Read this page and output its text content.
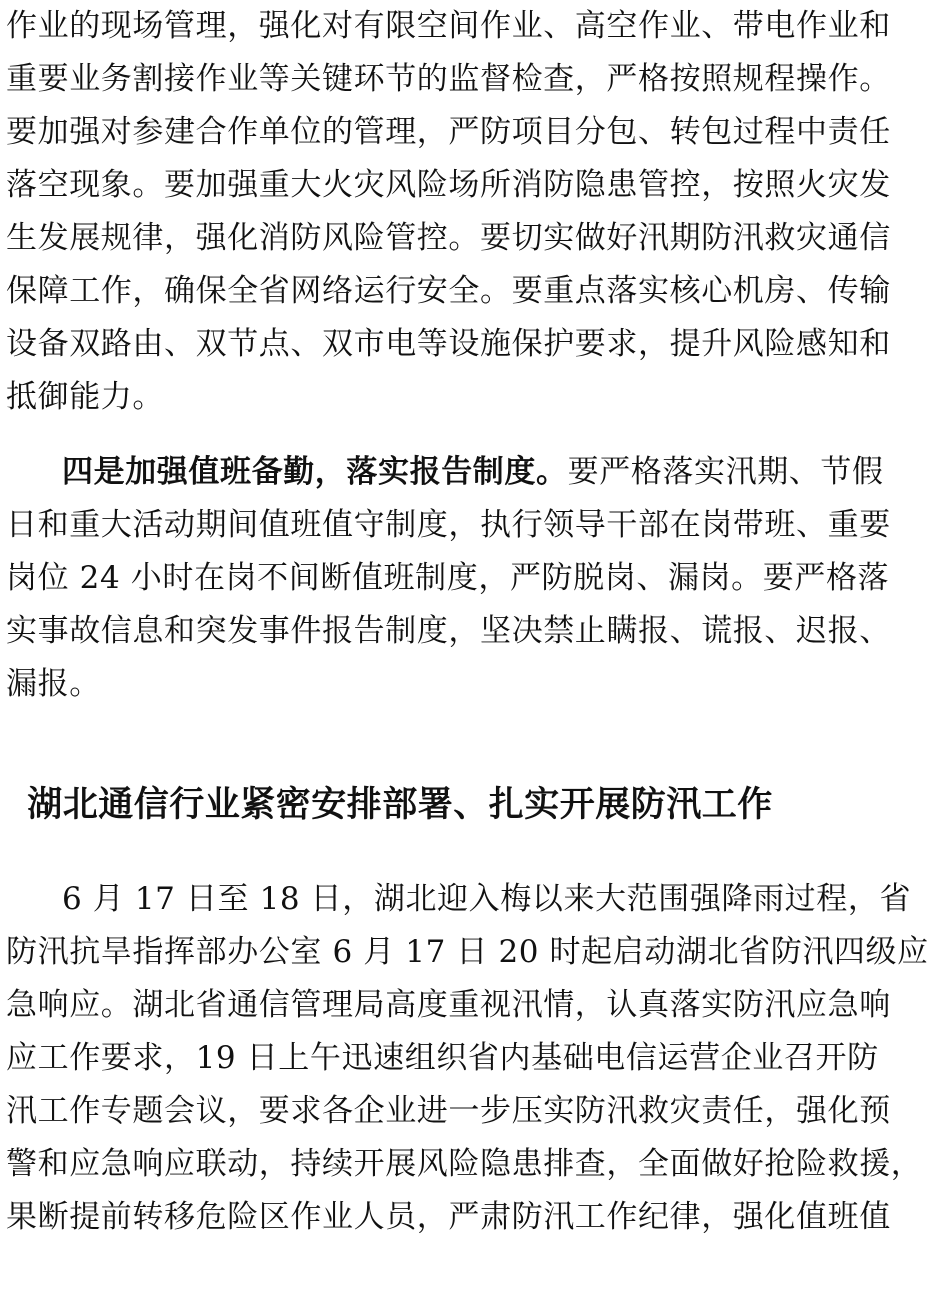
作业的现场管理，强化对有限空间作业、高空作业、带电作业和
重要业务割接作业等关键环节的监督检查，严格按照规程操作。
要加强对参建合作单位的管理，严防项目分包、转包过程中责任
落空现象。要加强重大火灾风险场所消防隐患管控，按照火灾发
生发展规律，强化消防风险管控。要切实做好汛期防汛救灾通信
保障工作，确保全省网络运行安全。要重点落实核心机房、传输
设备双路由、双节点、双市电等设施保护要求，提升风险感知和
抵御能力。
四是加强值班备勤，落实报告制度。要严格落实汛期、节假
日和重大活动期间值班值守制度，执行领导干部在岗带班、重要
岗位 24 小时在岗不间断值班制度，严防脱岗、漏岗。要严格落
实事故信息和突发事件报告制度，坚决禁止瞒报、谎报、迟报、
漏报。
湖北通信行业紧密安排部署、扎实开展防汛工作
6 月 17 日至 18 日，湖北迎入梅以来大范围强降雨过程，省
防汛抗旱指挥部办公室 6 月 17 日 20 时起启动湖北省防汛四级应
急响应。湖北省通信管理局高度重视汛情，认真落实防汛应急响
应工作要求，19 日上午迅速组织省内基础电信运营企业召开防
汛工作专题会议，要求各企业进一步压实防汛救灾责任，强化预
警和应急响应联动，持续开展风险隐患排查，全面做好抢险救援，
果断提前转移危险区作业人员，严肃防汛工作纪律，强化值班值
